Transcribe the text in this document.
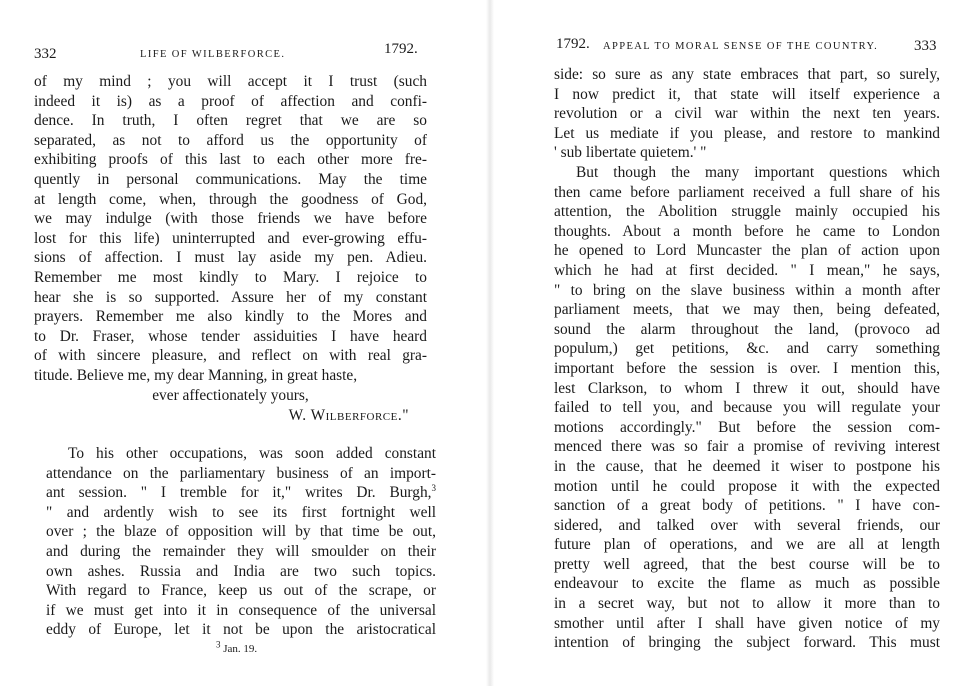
332	LIFE OF WILBERFORCE.	1792.
of my mind ; you will accept it I trust (such
indeed it is) as a proof of affection and confi-
dence. In truth, I often regret that we are so
separated, as not to afford us the opportunity of
exhibiting proofs of this last to each other more fre-
quently in personal communications. May the time
at length come, when, through the goodness of God,
we may indulge (with those friends we have before
lost for this life) uninterrupted and ever-growing effu-
sions of affection. I must lay aside my pen. Adieu.
Remember me most kindly to Mary. I rejoice to
hear she is so supported. Assure her of my constant
prayers. Remember me also kindly to the Mores and
to Dr. Fraser, whose tender assiduities I have heard
of with sincere pleasure, and reflect on with real gra-
titude. Believe me, my dear Manning, in great haste,
ever affectionately yours,
W. Wilberforce."
To his other occupations, was soon added constant
attendance on the parliamentary business of an import-
ant session. " I tremble for it," writes Dr. Burgh,$^3$
" and ardently wish to see its first fortnight well
over ; the blaze of opposition will by that time be out,
and during the remainder they will smoulder on their
own ashes. Russia and India are two such topics.
With regard to France, keep us out of the scrape, or
if we must get into it in consequence of the universal
eddy of Europe, let it not be upon the aristocratical
$^3$ Jan. 19.
1792. APPEAL TO MORAL SENSE OF THE COUNTRY. 333
side: so sure as any state embraces that part, so surely,
I now predict it, that state will itself experience a
revolution or a civil war within the next ten years.
Let us mediate if you please, and restore to mankind
' sub libertate quietem.' "
But though the many important questions which
then came before parliament received a full share of his
attention, the Abolition struggle mainly occupied his
thoughts. About a month before he came to London
he opened to Lord Muncaster the plan of action upon
which he had at first decided. " I mean," he says,
" to bring on the slave business within a month after
parliament meets, that we may then, being defeated,
sound the alarm throughout the land, (provoco ad
populum,) get petitions, &c. and carry something
important before the session is over. I mention this,
lest Clarkson, to whom I threw it out, should have
failed to tell you, and because you will regulate your
motions accordingly." But before the session com-
menced there was so fair a promise of reviving interest
in the cause, that he deemed it wiser to postpone his
motion until he could propose it with the expected
sanction of a great body of petitions. " I have con-
sidered, and talked over with several friends, our
future plan of operations, and we are all at length
pretty well agreed, that the best course will be to
endeavour to excite the flame as much as possible
in a secret way, but not to allow it more than to
smother until after I shall have given notice of my
intention of bringing the subject forward. This must
